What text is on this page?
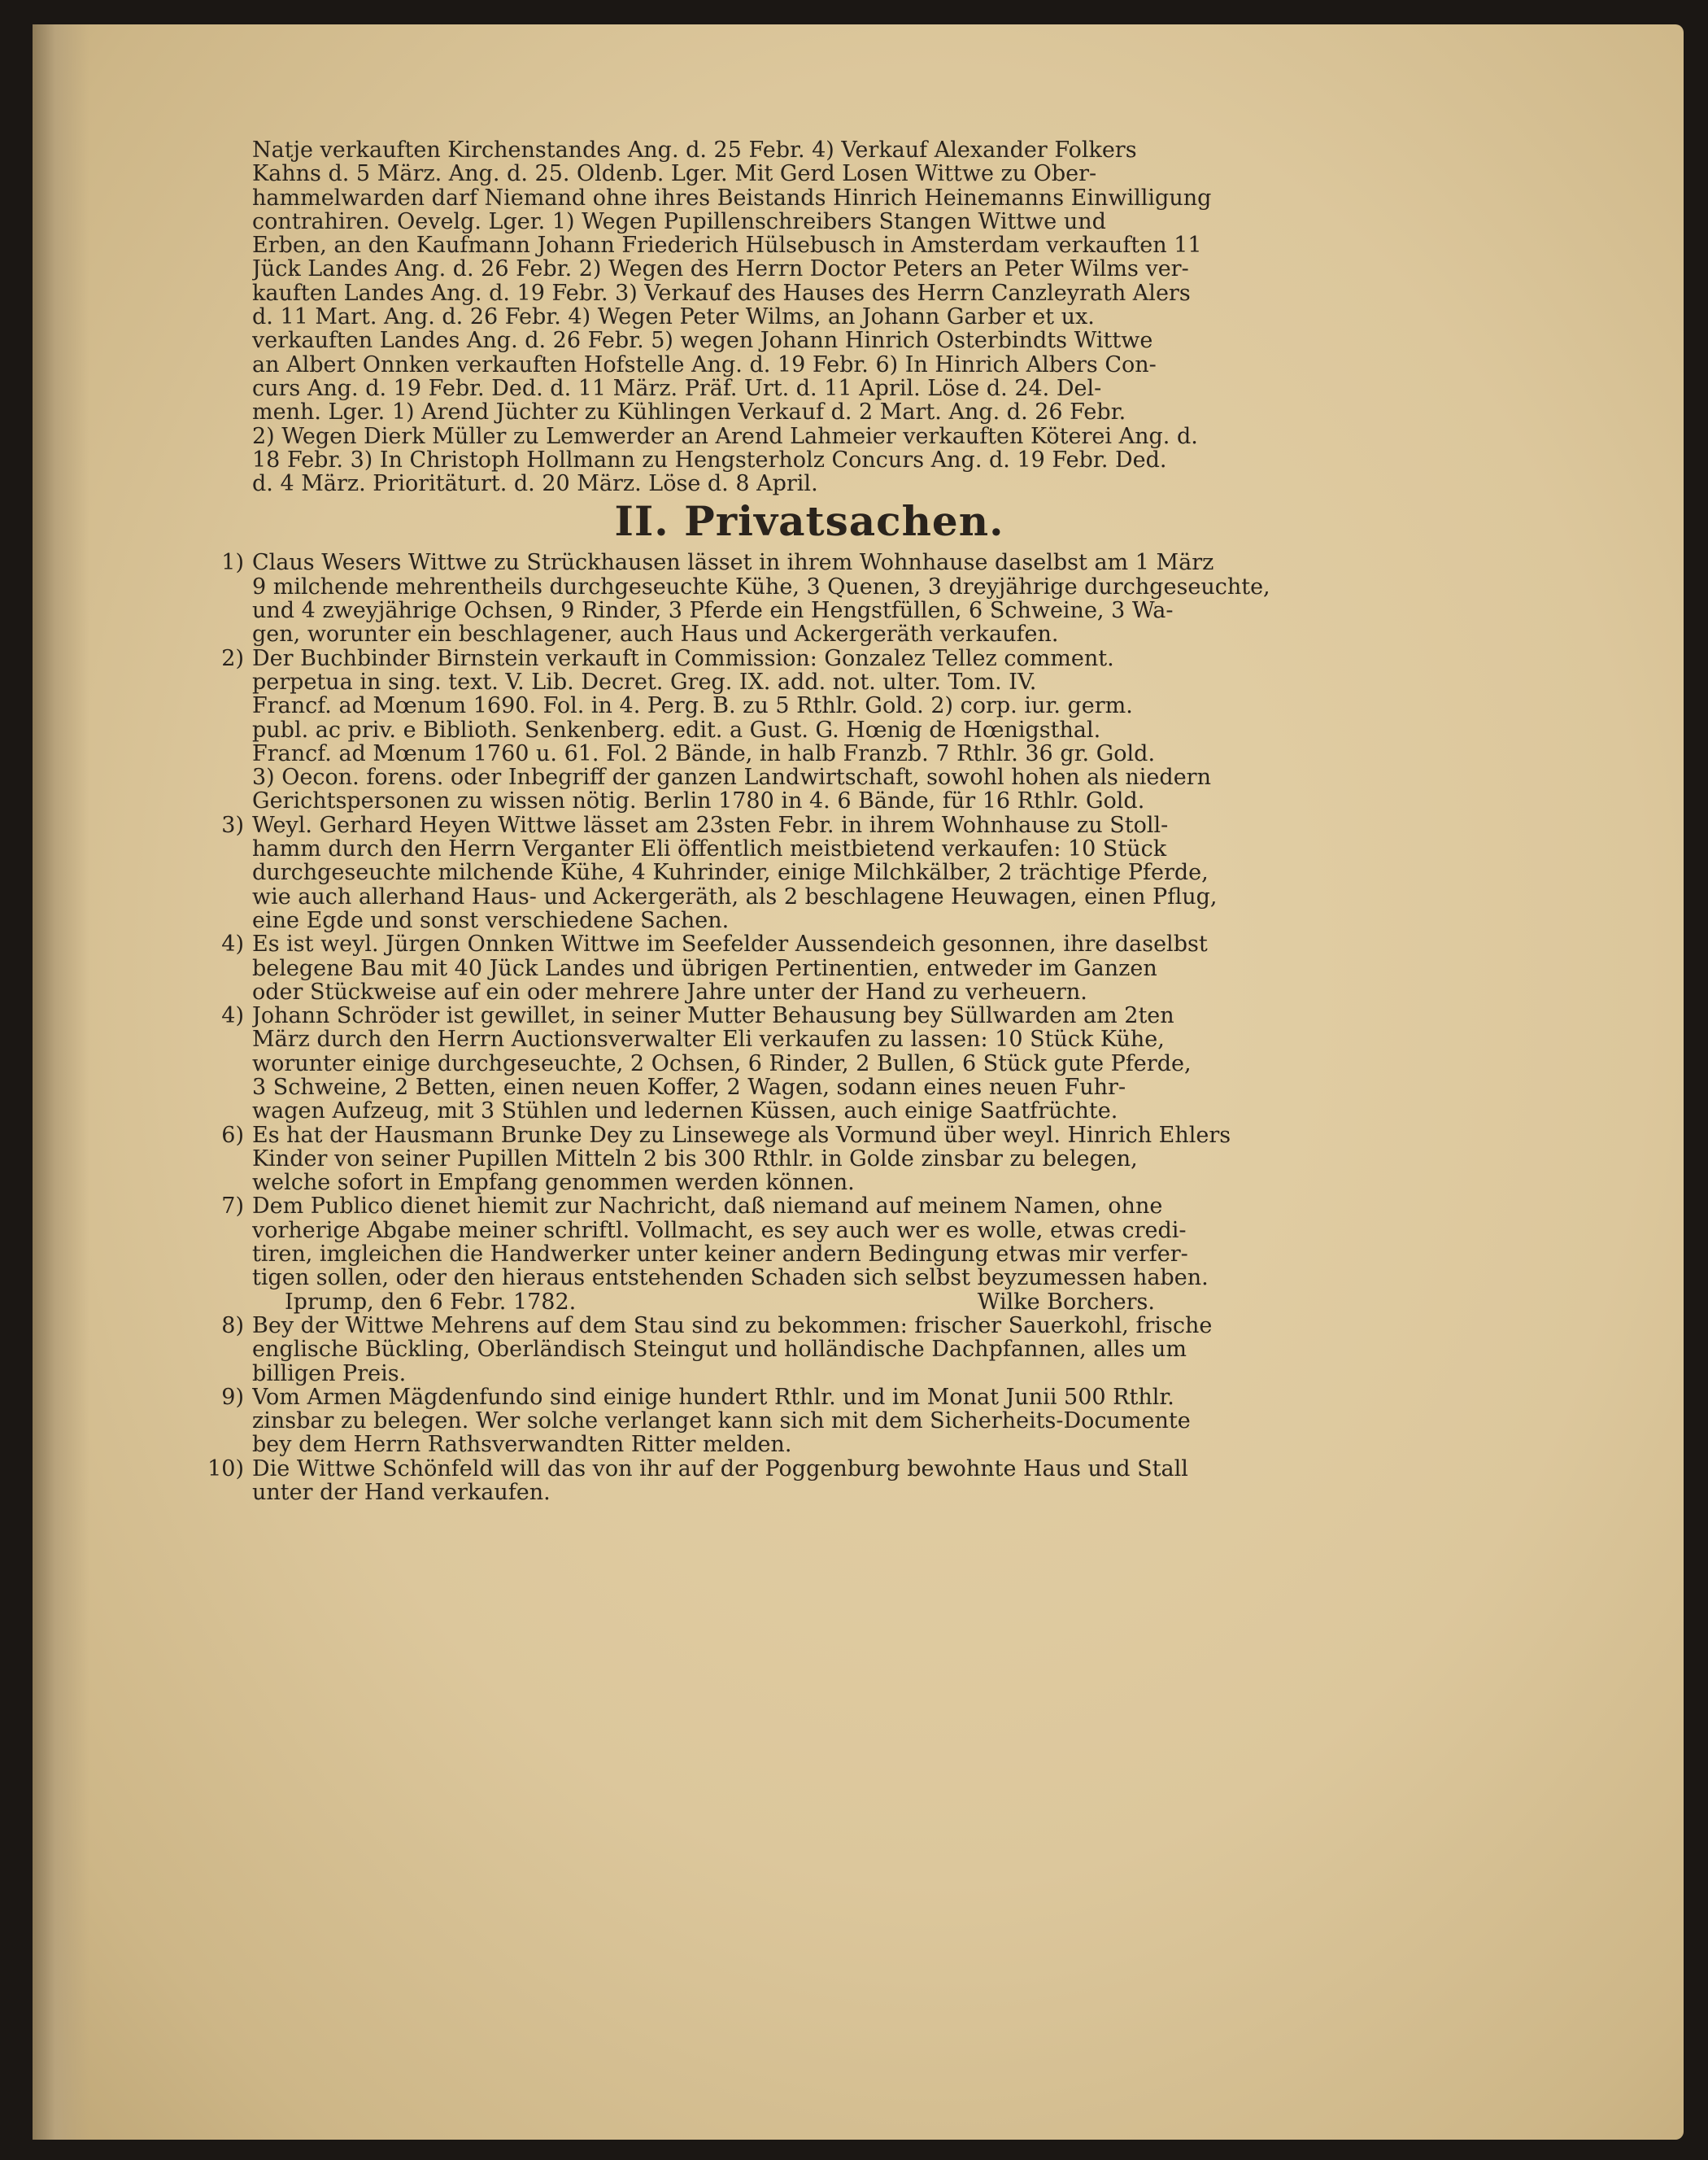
Natje verkauften Kirchenstandes Ang. d. 25 Febr. 4) Verkauf Alexander Folkers
Kahns d. 5 März. Ang. d. 25. Oldenb. Lger. Mit Gerd Losen Wittwe zu Ober-
hammelwarden darf Niemand ohne ihres Beistands Hinrich Heinemanns Einwilligung
contrahiren. Oevelg. Lger. 1) Wegen Pupillenschreibers Stangen Wittwe und
Erben, an den Kaufmann Johann Friederich Hülsebusch in Amsterdam verkauften 11
Jück Landes Ang. d. 26 Febr. 2) Wegen des Herrn Doctor Peters an Peter Wilms ver-
kauften Landes Ang. d. 19 Febr. 3) Verkauf des Hauses des Herrn Canzleyrath Alers
d. 11 Mart. Ang. d. 26 Febr. 4) Wegen Peter Wilms, an Johann Garber et ux.
verkauften Landes Ang. d. 26 Febr. 5) wegen Johann Hinrich Osterbindts Wittwe
an Albert Onnken verkauften Hofstelle Ang. d. 19 Febr. 6) In Hinrich Albers Con-
curs Ang. d. 19 Febr. Ded. d. 11 März. Präf. Urt. d. 11 April. Löse d. 24. Del-
menh. Lger. 1) Arend Jüchter zu Kühlingen Verkauf d. 2 Mart. Ang. d. 26 Febr.
2) Wegen Dierk Müller zu Lemwerder an Arend Lahmeier verkauften Köterei Ang. d.
18 Febr. 3) In Christoph Hollmann zu Hengsterholz Concurs Ang. d. 19 Febr. Ded.
d. 4 März. Prioritäturt. d. 20 März. Löse d. 8 April.
II. Privatsachen.
1) Claus Wesers Wittwe zu Strückhausen lässet in ihrem Wohnhause daselbst am 1 März
9 milchende mehrentheils durchgeseuchte Kühe, 3 Quenen, 3 dreyjährige durchgeseuchte,
und 4 zweyjährige Ochsen, 9 Rinder, 3 Pferde ein Hengstfüllen, 6 Schweine, 3 Wa-
gen, worunter ein beschlagener, auch Haus und Ackergeräth verkaufen.
2) Der Buchbinder Birnstein verkauft in Commission: Gonzalez Tellez comment.
perpetua in sing. text. V. Lib. Decret. Greg. IX. add. not. ulter. Tom. IV.
Francf. ad Mœnum 1690. Fol. in 4. Perg. B. zu 5 Rthlr. Gold. 2) corp. iur. germ.
publ. ac priv. e Biblioth. Senkenberg. edit. a Gust. G. Hœnig de Hœnigsthal.
Francf. ad Mœnum 1760 u. 61. Fol. 2 Bände, in halb Franzb. 7 Rthlr. 36 gr. Gold.
3) Oecon. forens. oder Inbegriff der ganzen Landwirtschaft, sowohl hohen als niedern
Gerichtspersonen zu wissen nötig. Berlin 1780 in 4. 6 Bände, für 16 Rthlr. Gold.
3) Weyl. Gerhard Heyen Wittwe lässet am 23sten Febr. in ihrem Wohnhause zu Stoll-
hamm durch den Herrn Verganter Eli öffentlich meistbietend verkaufen: 10 Stück
durchgeseuchte milchende Kühe, 4 Kuhrinder, einige Milchkälber, 2 trächtige Pferde,
wie auch allerhand Haus- und Ackergeräth, als 2 beschlagene Heuwagen, einen Pflug,
eine Egde und sonst verschiedene Sachen.
4) Es ist weyl. Jürgen Onnken Wittwe im Seefelder Aussendeich gesonnen, ihre daselbst
belegene Bau mit 40 Jück Landes und übrigen Pertinentien, entweder im Ganzen
oder Stückweise auf ein oder mehrere Jahre unter der Hand zu verheuern.
4) Johann Schröder ist gewillet, in seiner Mutter Behausung bey Süllwarden am 2ten
März durch den Herrn Auctionsverwalter Eli verkaufen zu lassen: 10 Stück Kühe,
worunter einige durchgeseuchte, 2 Ochsen, 6 Rinder, 2 Bullen, 6 Stück gute Pferde,
3 Schweine, 2 Betten, einen neuen Koffer, 2 Wagen, sodann eines neuen Fuhr-
wagen Aufzeug, mit 3 Stühlen und ledernen Küssen, auch einige Saatfrüchte.
6) Es hat der Hausmann Brunke Dey zu Linsewege als Vormund über weyl. Hinrich Ehlers
Kinder von seiner Pupillen Mitteln 2 bis 300 Rthlr. in Golde zinsbar zu belegen,
welche sofort in Empfang genommen werden können.
7) Dem Publico dienet hiemit zur Nachricht, daß niemand auf meinem Namen, ohne
vorherige Abgabe meiner schriftl. Vollmacht, es sey auch wer es wolle, etwas credi-
tiren, imgleichen die Handwerker unter keiner andern Bedingung etwas mir verfer-
tigen sollen, oder den hieraus entstehenden Schaden sich selbst beyzumessen haben.
Iprump, den 6 Febr. 1782.	Wilke Borchers.
8) Bey der Wittwe Mehrens auf dem Stau sind zu bekommen: frischer Sauerkohl, frische
englische Bückling, Oberländisch Steingut und holländische Dachpfannen, alles um
billigen Preis.
9) Vom Armen Mägdenfundo sind einige hundert Rthlr. und im Monat Junii 500 Rthlr.
zinsbar zu belegen. Wer solche verlanget kann sich mit dem Sicherheits-Documente
bey dem Herrn Rathsverwandten Ritter melden.
10) Die Wittwe Schönfeld will das von ihr auf der Poggenburg bewohnte Haus und Stall
unter der Hand verkaufen.
